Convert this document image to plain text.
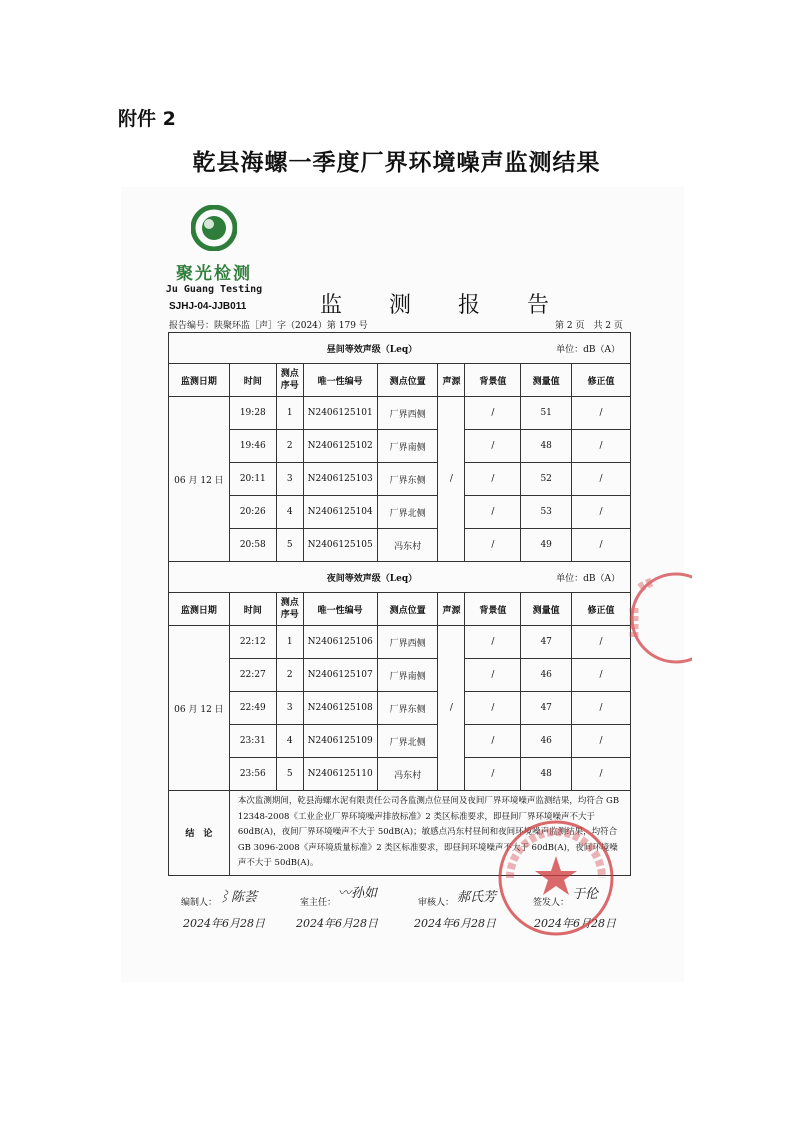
附件 2
乾县海螺一季度厂界环境噪声监测结果
聚光检测
Ju Guang Testing
SJHJ-04-JJB011	监 测 报 告
报告编号：陕聚环监［声］字（2024）第 179 号	第 2 页　共 2 页
昼间等效声级（Leq）						单位：dB（A）		
监测日期	时间	测点序号	唯一性编号	测点位置	声源	背景值	测量值	修正值
06 月 12 日	19:28	1	N2406125101	厂界西侧	/	/	51	/
	19:46	2	N2406125102	厂界南侧		/	48	/
	20:11	3	N2406125103	厂界东侧		/	52	/
	20:26	4	N2406125104	厂界北侧		/	53	/
	20:58	5	N2406125105	冯东村		/	49	/
夜间等效声级（Leq）						单位：dB（A）		
监测日期	时间	测点序号	唯一性编号	测点位置	声源	背景值	测量值	修正值
06 月 12 日	22:12	1	N2406125106	厂界西侧	/	/	47	/
	22:27	2	N2406125107	厂界南侧		/	46	/
	22:49	3	N2406125108	厂界东侧		/	47	/
	23:31	4	N2406125109	厂界北侧		/	46	/
	23:56	5	N2406125110	冯东村		/	48	/
结　论	本次监测期间，乾县海螺水泥有限责任公司各监测点位昼间及夜间厂界环境噪声监测结果，均符合 GB 12348-2008《工业企业厂界环境噪声排放标准》2 类区标准要求，即昼间厂界环境噪声不大于 60dB(A)，夜间厂界环境噪声不大于 50dB(A)；敏感点冯东村昼间和夜间环境噪声监测结果，均符合 GB 3096-2008《声环境质量标准》2 类区标准要求，即昼间环境噪声不大于 60dB(A)，夜间环境噪声不大于 50dB(A)。							
编制人： ⌇陈荟
2024年6月28日
室主任：
〰孙如
2024年6月28日
审核人： 郝氏芳
2024年6月28日
签发人：
于伦
2024年6月28日
